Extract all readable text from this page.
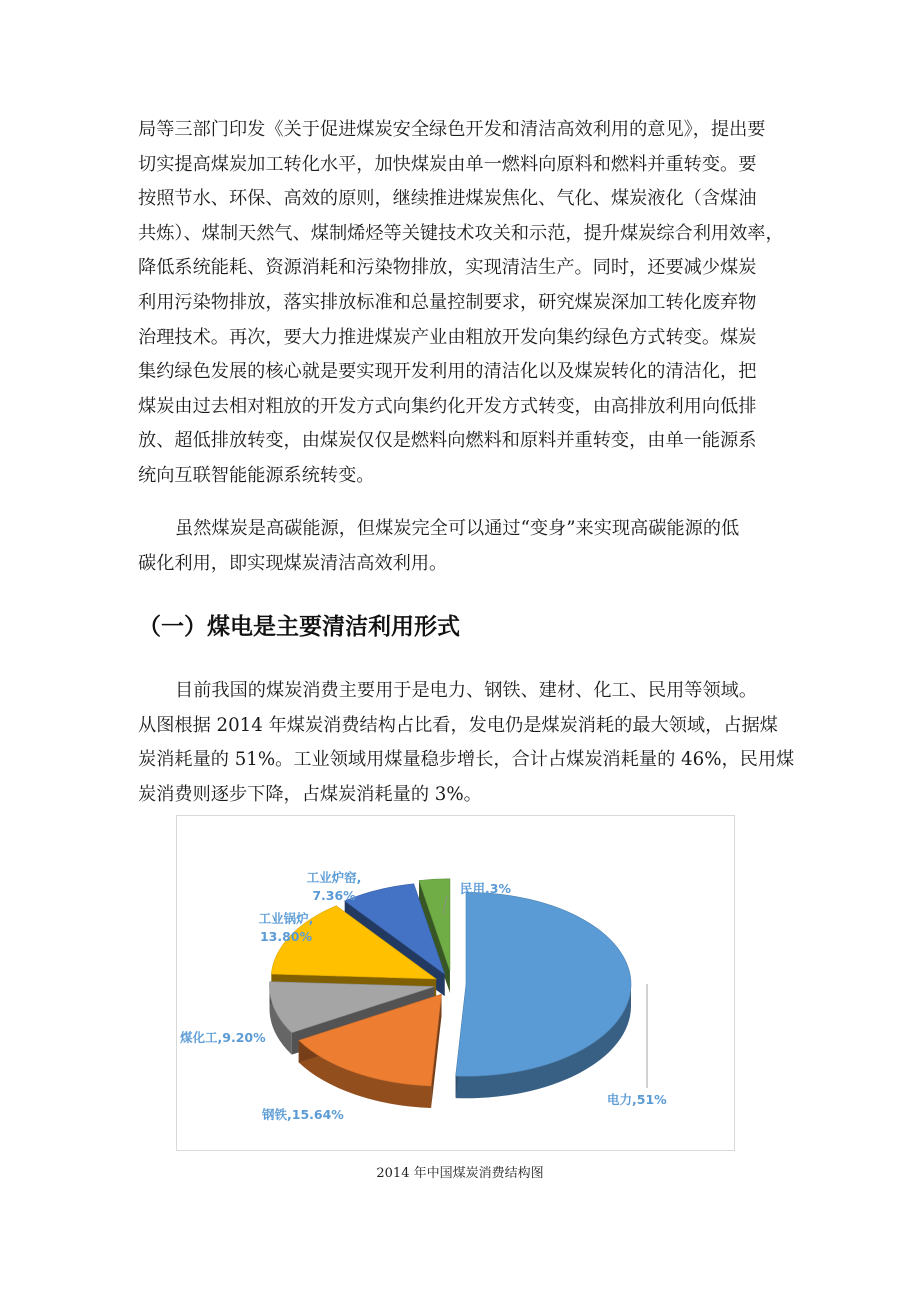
局等三部门印发《关于促进煤炭安全绿色开发和清洁高效利用的意见》，提出要
切实提高煤炭加工转化水平，加快煤炭由单一燃料向原料和燃料并重转变。要
按照节水、环保、高效的原则，继续推进煤炭焦化、气化、煤炭液化（含煤油
共炼）、煤制天然气、煤制烯烃等关键技术攻关和示范，提升煤炭综合利用效率，
降低系统能耗、资源消耗和污染物排放，实现清洁生产。同时，还要减少煤炭
利用污染物排放，落实排放标准和总量控制要求，研究煤炭深加工转化废弃物
治理技术。再次，要大力推进煤炭产业由粗放开发向集约绿色方式转变。煤炭
集约绿色发展的核心就是要实现开发利用的清洁化以及煤炭转化的清洁化，把
煤炭由过去相对粗放的开发方式向集约化开发方式转变，由高排放利用向低排
放、超低排放转变，由煤炭仅仅是燃料向燃料和原料并重转变，由单一能源系
统向互联智能能源系统转变。
虽然煤炭是高碳能源，但煤炭完全可以通过“变身”来实现高碳能源的低
碳化利用，即实现煤炭清洁高效利用。
（一）煤电是主要清洁利用形式
目前我国的煤炭消费主要用于是电力、钢铁、建材、化工、民用等领域。
从图根据 2014 年煤炭消费结构占比看，发电仍是煤炭消耗的最大领域，占据煤
炭消耗量的 51%。工业领域用煤量稳步增长，合计占煤炭消耗量的 46%，民用煤
炭消费则逐步下降，占煤炭消耗量的 3%。
电力,51%
钢铁,15.64%
煤化工,9.20%
工业锅炉, 13.80%
工业炉窑, 7.36%	民用,3%
2014 年中国煤炭消费结构图
